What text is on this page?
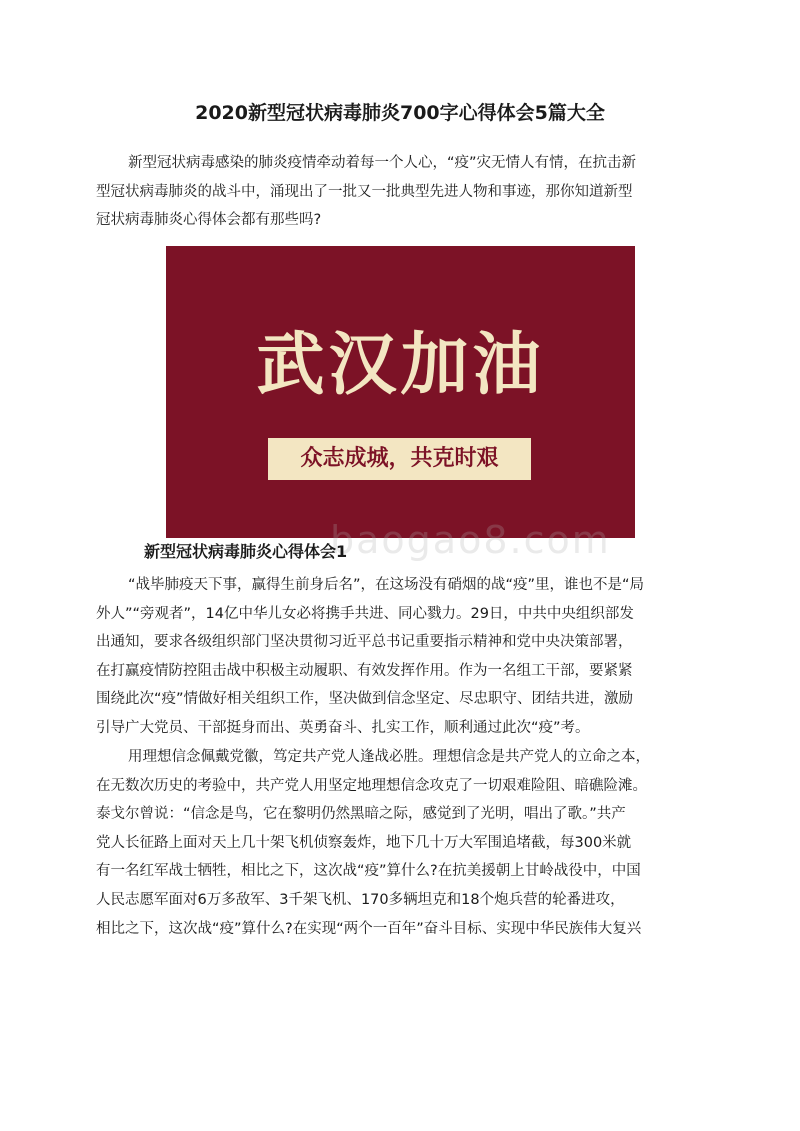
2020新型冠状病毒肺炎700字心得体会5篇大全

新型冠状病毒感染的肺炎疫情牵动着每一个人心，“疫”灾无情人有情，在抗击新
型冠状病毒肺炎的战斗中，涌现出了一批又一批典型先进人物和事迹，那你知道新型
冠状病毒肺炎心得体会都有那些吗?

武汉加油
众志成城，共克时艰
baogao8.com
新型冠状病毒肺炎心得体会1

“战毕肺疫天下事，赢得生前身后名”，在这场没有硝烟的战“疫”里，谁也不是“局
外人”“旁观者”，14亿中华儿女必将携手共进、同心戮力。29日，中共中央组织部发
出通知，要求各级组织部门坚决贯彻习近平总书记重要指示精神和党中央决策部署，
在打赢疫情防控阻击战中积极主动履职、有效发挥作用。作为一名组工干部，要紧紧
围绕此次“疫”情做好相关组织工作，坚决做到信念坚定、尽忠职守、团结共进，激励
引导广大党员、干部挺身而出、英勇奋斗、扎实工作，顺利通过此次“疫”考。

用理想信念佩戴党徽，笃定共产党人逢战必胜。理想信念是共产党人的立命之本，
在无数次历史的考验中，共产党人用坚定地理想信念攻克了一切艰难险阻、暗礁险滩。
泰戈尔曾说：“信念是鸟，它在黎明仍然黑暗之际，感觉到了光明，唱出了歌。”共产
党人长征路上面对天上几十架飞机侦察轰炸，地下几十万大军围追堵截，每300米就
有一名红军战士牺牲，相比之下，这次战“疫”算什么?在抗美援朝上甘岭战役中，中国
人民志愿军面对6万多敌军、3千架飞机、170多辆坦克和18个炮兵营的轮番进攻，
相比之下，这次战“疫”算什么?在实现“两个一百年”奋斗目标、实现中华民族伟大复兴
